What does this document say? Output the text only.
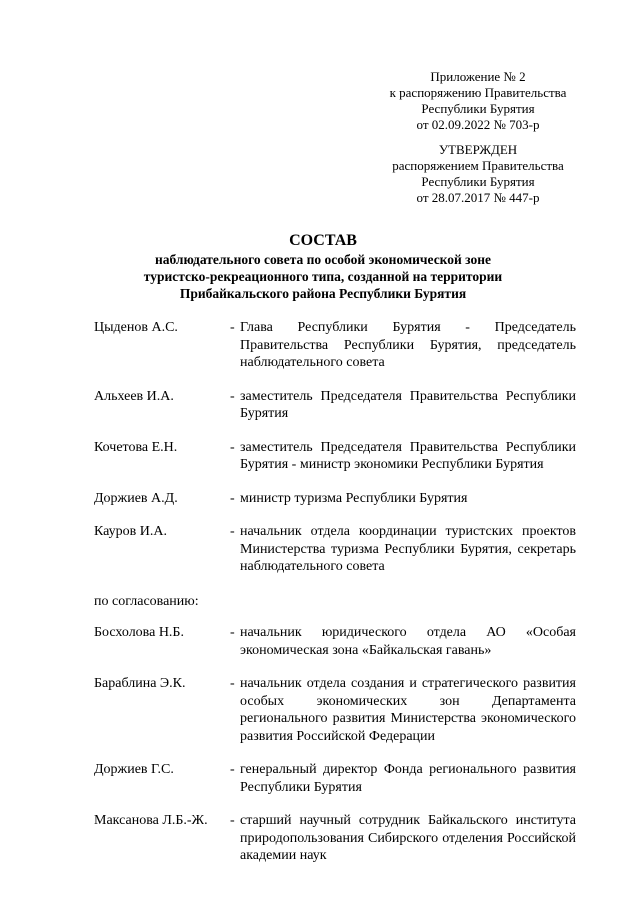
Приложение № 2
к распоряжению Правительства
Республики Бурятия
от 02.09.2022 № 703-р
УТВЕРЖДЕН
распоряжением Правительства
Республики Бурятия
от 28.07.2017 № 447-р
СОСТАВ
наблюдательного совета по особой экономической зоне
туристско-рекреационного типа, созданной на территории
Прибайкальского района Республики Бурятия
Цыденов А.С.	- Глава Республики Бурятия - Председатель Правительства Республики Бурятия, председатель наблюдательного совета
Альхеев И.А.	- заместитель Председателя Правительства Республики Бурятия
Кочетова Е.Н.	- заместитель Председателя Правительства Республики Бурятия - министр экономики Республики Бурятия
Доржиев А.Д.	- министр туризма Республики Бурятия
Кауров И.А.	- начальник отдела координации туристских проектов Министерства туризма Республики Бурятия, секретарь наблюдательного совета
по согласованию:
Босхолова Н.Б.	- начальник юридического отдела АО «Особая экономическая зона «Байкальская гавань»
Бараблина Э.К.	- начальник отдела создания и стратегического развития особых экономических зон Департамента регионального развития Министерства экономического развития Российской Федерации
Доржиев Г.С.	- генеральный директор Фонда регионального развития Республики Бурятия
Максанова Л.Б.-Ж.	- старший научный сотрудник Байкальского института природопользования Сибирского отделения Российской академии наук
